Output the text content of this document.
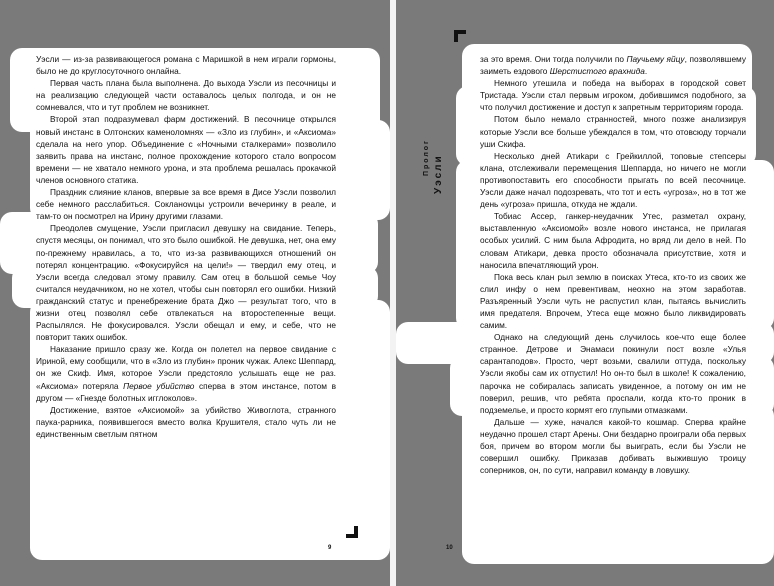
Уэсли — из-за развивающегося романа с Маришкой в нем играли гормоны, было не до круглосуточного онлайна.

Первая часть плана была выполнена. До выхода Уэсли из песочницы и на реализацию следующей части оставалось целых полгода, и он не сомневался, что и тут проблем не возникнет.

Второй этап подразумевал фарм достижений. В песочнице открылся новый инстанс в Олтонских каменоломнях — «Зло из глубин», и «Аксиома» сделала на него упор. Объединение с «Ночными сталкерами» позволило заявить права на инстанс, полное прохождение которого стало вопросом времени — не хватало немного урона, и эта проблема решалась прокачкой членов основного статика.

Праздник слияние кланов, впервые за все время в Дисе Уэсли позволил себе немного расслабиться. Сокланowцы устроили вечеринку в реале, и там-то он посмотрел на Ирину другими глазами.

Преодолев смущение, Уэсли пригласил девушку на свидание. Теперь, спустя месяцы, он понимал, что это было ошибкой. Не девушка, нет, она ему по-прежнему нравилась, а то, что из-за развивающихся отношений он потерял концентрацию. «Фокусируйся на цели!» — твердил ему отец, и Уэсли всегда следовал этому правилу. Сам отец в большой семье Чоу считался неудачником, но не хотел, чтобы сын повторял его ошибки. Низкий гражданский статус и пренебрежение брата Джо — результат того, что в жизни отец позволял себе отвлекаться на второстепенные вещи. Распылялся. Не фокусировался. Уэсли обещал и ему, и себе, что не повторит таких ошибок.

Наказание пришло сразу же. Когда он полетел на первое свидание с Ириной, ему сообщили, что в «Зло из глубин» проник чужак. Алекс Шеппард, он же Скиф. Имя, которое Уэсли предстояло услышать еще не раз. «Аксиома» потеряла Первое убийство сперва в этом инстансе, потом в другом — «Гнезде болотных игглоколов».

Достижение, взятое «Аксиомой» за убийство Живоглота, странного паука-рарника, появившегося вместо волка Крушителя, стало чуть ли не единственным светлым пятном

9

за это время. Они тогда получили по Паучьему яйцу, позволявшему заиметь ездового Шерстистого враxнида.

Немного утешила и победа на выборах в городской совет Тристада. Уэсли стал первым игроком, добившимся подобного, за что получил достижение и доступ к запретным территориям города.

Потом было немало странностей, много позже анализируя которые Уэсли все больше убеждался в том, что отовсюду торчали уши Скифа.

Несколько дней Атиkари с Грейкиллой, топовые степсеры клана, отслеживали перемещения Шеппарда, но ничего не могли противопоставить его способности прыгать по всей песочнице. Уэсли даже начал подозревать, что тот и есть «угроза», но в тот же день «угроза» пришла, откуда не ждали.

Тобиас Ассер, ганкер-неудачник Утес, разметал охрану, выставленную «Аксиомой» возле нового инстанса, не прилагая особых усилий. С ним была Афродита, но вряд ли дело в ней. По словам Атиkари, девка просто обозначала присутствие, хотя и наносила впечатляющий урон.

Пока весь клан рыл землю в поисках Утеса, кто-то из своих же слил инфу о нем превентивам, неохно на этом заработав. Разъяренный Уэсли чуть не распустил клан, пытаясь вычислить имя предателя. Впрочем, Утеса еще можно было ликвидировать самим.

Однако на следующий день случилось кое-что еще более странное. Детрове и Энамаси покинули пост возле «Улья сарантаподов». Просто, черт возьми, свалили оттуда, поскольку Уэсли якобы сам их отпустил! Но он-то был в школе! К сожалению, парочка не собиралась записать увиденное, а потому он им не поверил, решив, что ребята проспали, когда кто-то проник в подземелье, и просто кормят его глупыми отмазками.

Дальше — хуже, начался какой-то кошмар. Сперва крайне неудачно прошел старт Арены. Они бездарно проиграли оба первых боя, причем во втором могли бы выиграть, если бы Уэсли не совершил ошибку. Приказав добивать выжившую троицу соперников, он, по сути, направил команду в ловушку.

10
Пролог Уэсли
